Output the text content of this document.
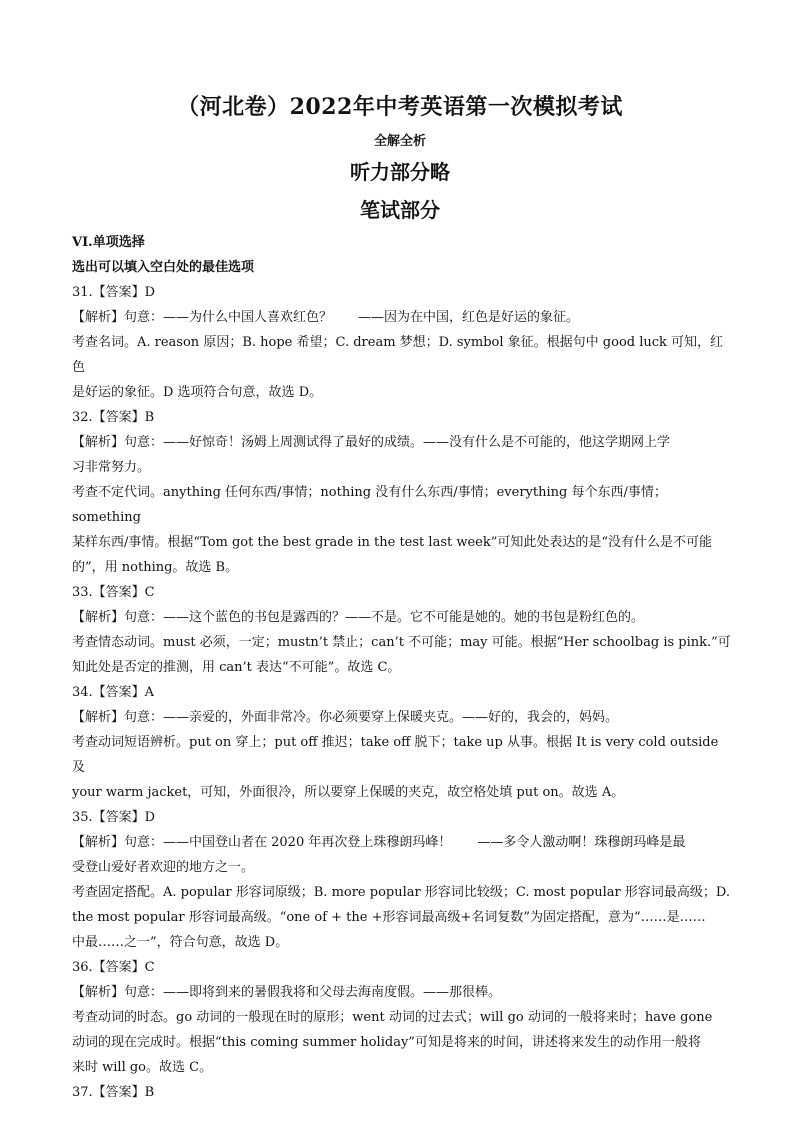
（河北卷）2022年中考英语第一次模拟考试
全解全析
听力部分略
笔试部分

VI.单项选择

选出可以填入空白处的最佳选项

31.【答案】D

【解析】句意：——为什么中国人喜欢红色？　　——因为在中国，红色是好运的象征。

考查名词。A. reason 原因；B. hope 希望；C. dream 梦想；D. symbol 象征。根据句中 good luck 可知，红色

是好运的象征。D 选项符合句意，故选 D。

32.【答案】B

【解析】句意：——好惊奇！汤姆上周测试得了最好的成绩。——没有什么是不可能的，他这学期网上学

习非常努力。

考查不定代词。anything 任何东西/事情；nothing 没有什么东西/事情；everything 每个东西/事情；something

某样东西/事情。根据“Tom got the best grade in the test last week”可知此处表达的是“没有什么是不可能

的”，用 nothing。故选 B。

33.【答案】C

【解析】句意：——这个蓝色的书包是露西的？——不是。它不可能是她的。她的书包是粉红色的。

考查情态动词。must 必须，一定；mustn’t 禁止；can’t 不可能；may 可能。根据“Her schoolbag is pink.”可

知此处是否定的推测，用 can’t 表达“不可能”。故选 C。

34.【答案】A

【解析】句意：——亲爱的，外面非常冷。你必须要穿上保暖夹克。——好的，我会的，妈妈。

考查动词短语辨析。put on 穿上；put off 推迟；take off 脱下；take up 从事。根据 It is very cold outside 及

your warm jacket，可知，外面很冷，所以要穿上保暖的夹克，故空格处填 put on。故选 A。

35.【答案】D

【解析】句意：——中国登山者在 2020 年再次登上珠穆朗玛峰！　　——多令人激动啊！珠穆朗玛峰是最

受登山爱好者欢迎的地方之一。

考查固定搭配。A. popular 形容词原级；B. more popular 形容词比较级；C. most popular 形容词最高级；D.

the most popular 形容词最高级。“one of + the +形容词最高级+名词复数”为固定搭配，意为“……是……

中最……之一”，符合句意，故选 D。

36.【答案】C

【解析】句意：——即将到来的暑假我将和父母去海南度假。——那很棒。

考查动词的时态。go 动词的一般现在时的原形；went 动词的过去式；will go 动词的一般将来时；have gone

动词的现在完成时。根据“this coming summer holiday”可知是将来的时间，讲述将来发生的动作用一般将

来时 will go。故选 C。

37.【答案】B
